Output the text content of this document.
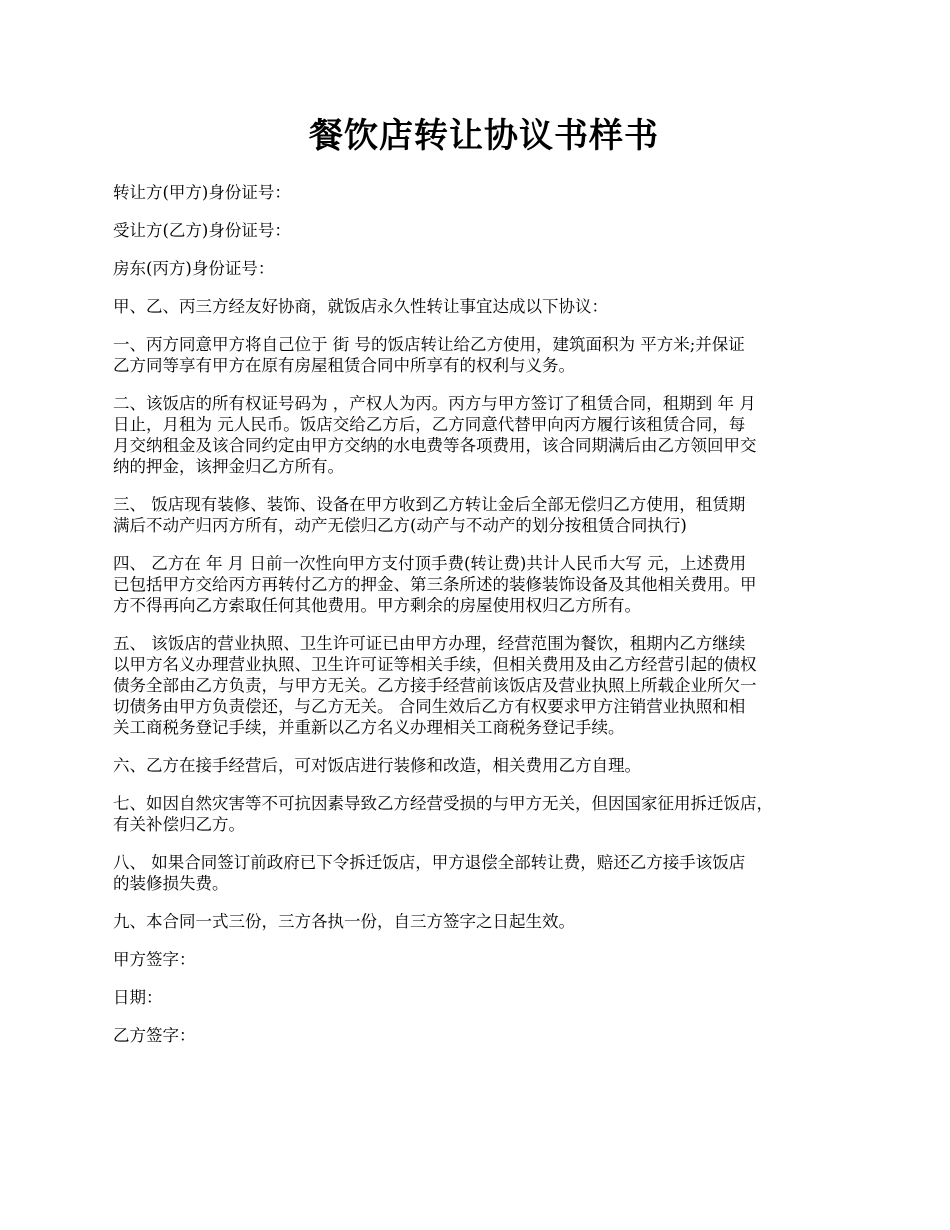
餐饮店转让协议书样书

转让方(甲方)身份证号：

受让方(乙方)身份证号：

房东(丙方)身份证号：

甲、乙、丙三方经友好协商，就饭店永久性转让事宜达成以下协议：

一、丙方同意甲方将自己位于 街 号的饭店转让给乙方使用，建筑面积为 平方米;并保证
乙方同等享有甲方在原有房屋租赁合同中所享有的权利与义务。

二、该饭店的所有权证号码为 ，产权人为丙。丙方与甲方签订了租赁合同，租期到 年 月
日止，月租为 元人民币。饭店交给乙方后，乙方同意代替甲向丙方履行该租赁合同，每
月交纳租金及该合同约定由甲方交纳的水电费等各项费用，该合同期满后由乙方领回甲交
纳的押金，该押金归乙方所有。

三、 饭店现有装修、装饰、设备在甲方收到乙方转让金后全部无偿归乙方使用，租赁期
满后不动产归丙方所有，动产无偿归乙方(动产与不动产的划分按租赁合同执行)

四、 乙方在 年 月 日前一次性向甲方支付顶手费(转让费)共计人民币大写 元，上述费用
已包括甲方交给丙方再转付乙方的押金、第三条所述的装修装饰设备及其他相关费用。甲
方不得再向乙方索取任何其他费用。甲方剩余的房屋使用权归乙方所有。

五、 该饭店的营业执照、卫生许可证已由甲方办理，经营范围为餐饮，租期内乙方继续
以甲方名义办理营业执照、卫生许可证等相关手续，但相关费用及由乙方经营引起的债权
债务全部由乙方负责，与甲方无关。乙方接手经营前该饭店及营业执照上所载企业所欠一
切债务由甲方负责偿还，与乙方无关。 合同生效后乙方有权要求甲方注销营业执照和相
关工商税务登记手续，并重新以乙方名义办理相关工商税务登记手续。

六、乙方在接手经营后，可对饭店进行装修和改造，相关费用乙方自理。

七、如因自然灾害等不可抗因素导致乙方经营受损的与甲方无关，但因国家征用拆迁饭店，
有关补偿归乙方。

八、 如果合同签订前政府已下令拆迁饭店，甲方退偿全部转让费，赔还乙方接手该饭店
的装修损失费。

九、本合同一式三份，三方各执一份，自三方签字之日起生效。

甲方签字：

日期：

乙方签字：
